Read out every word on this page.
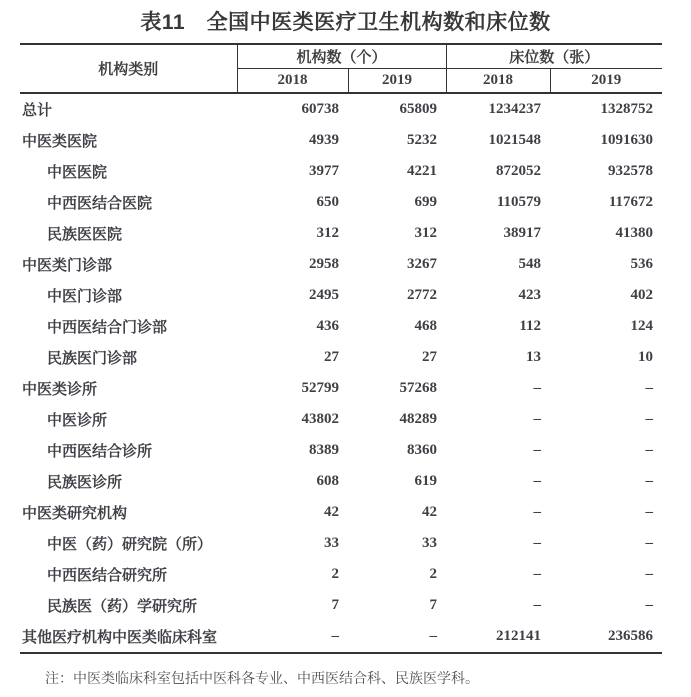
表11　全国中医类医疗卫生机构数和床位数
机构类别	机构数（个）		床位数（张）	
	2018	2019	2018	2019
总计	60738	65809	1234237	1328752
中医类医院	4939	5232	1021548	1091630
中医医院	3977	4221	872052	932578
中西医结合医院	650	699	110579	117672
民族医医院	312	312	38917	41380
中医类门诊部	2958	3267	548	536
中医门诊部	2495	2772	423	402
中西医结合门诊部	436	468	112	124
民族医门诊部	27	27	13	10
中医类诊所	52799	57268	–	–
中医诊所	43802	48289	–	–
中西医结合诊所	8389	8360	–	–
民族医诊所	608	619	–	–
中医类研究机构	42	42	–	–
中医（药）研究院（所）	33	33	–	–
中西医结合研究所	2	2	–	–
民族医（药）学研究所	7	7	–	–
其他医疗机构中医类临床科室	–	–	212141	236586

注：中医类临床科室包括中医科各专业、中西医结合科、民族医学科。
